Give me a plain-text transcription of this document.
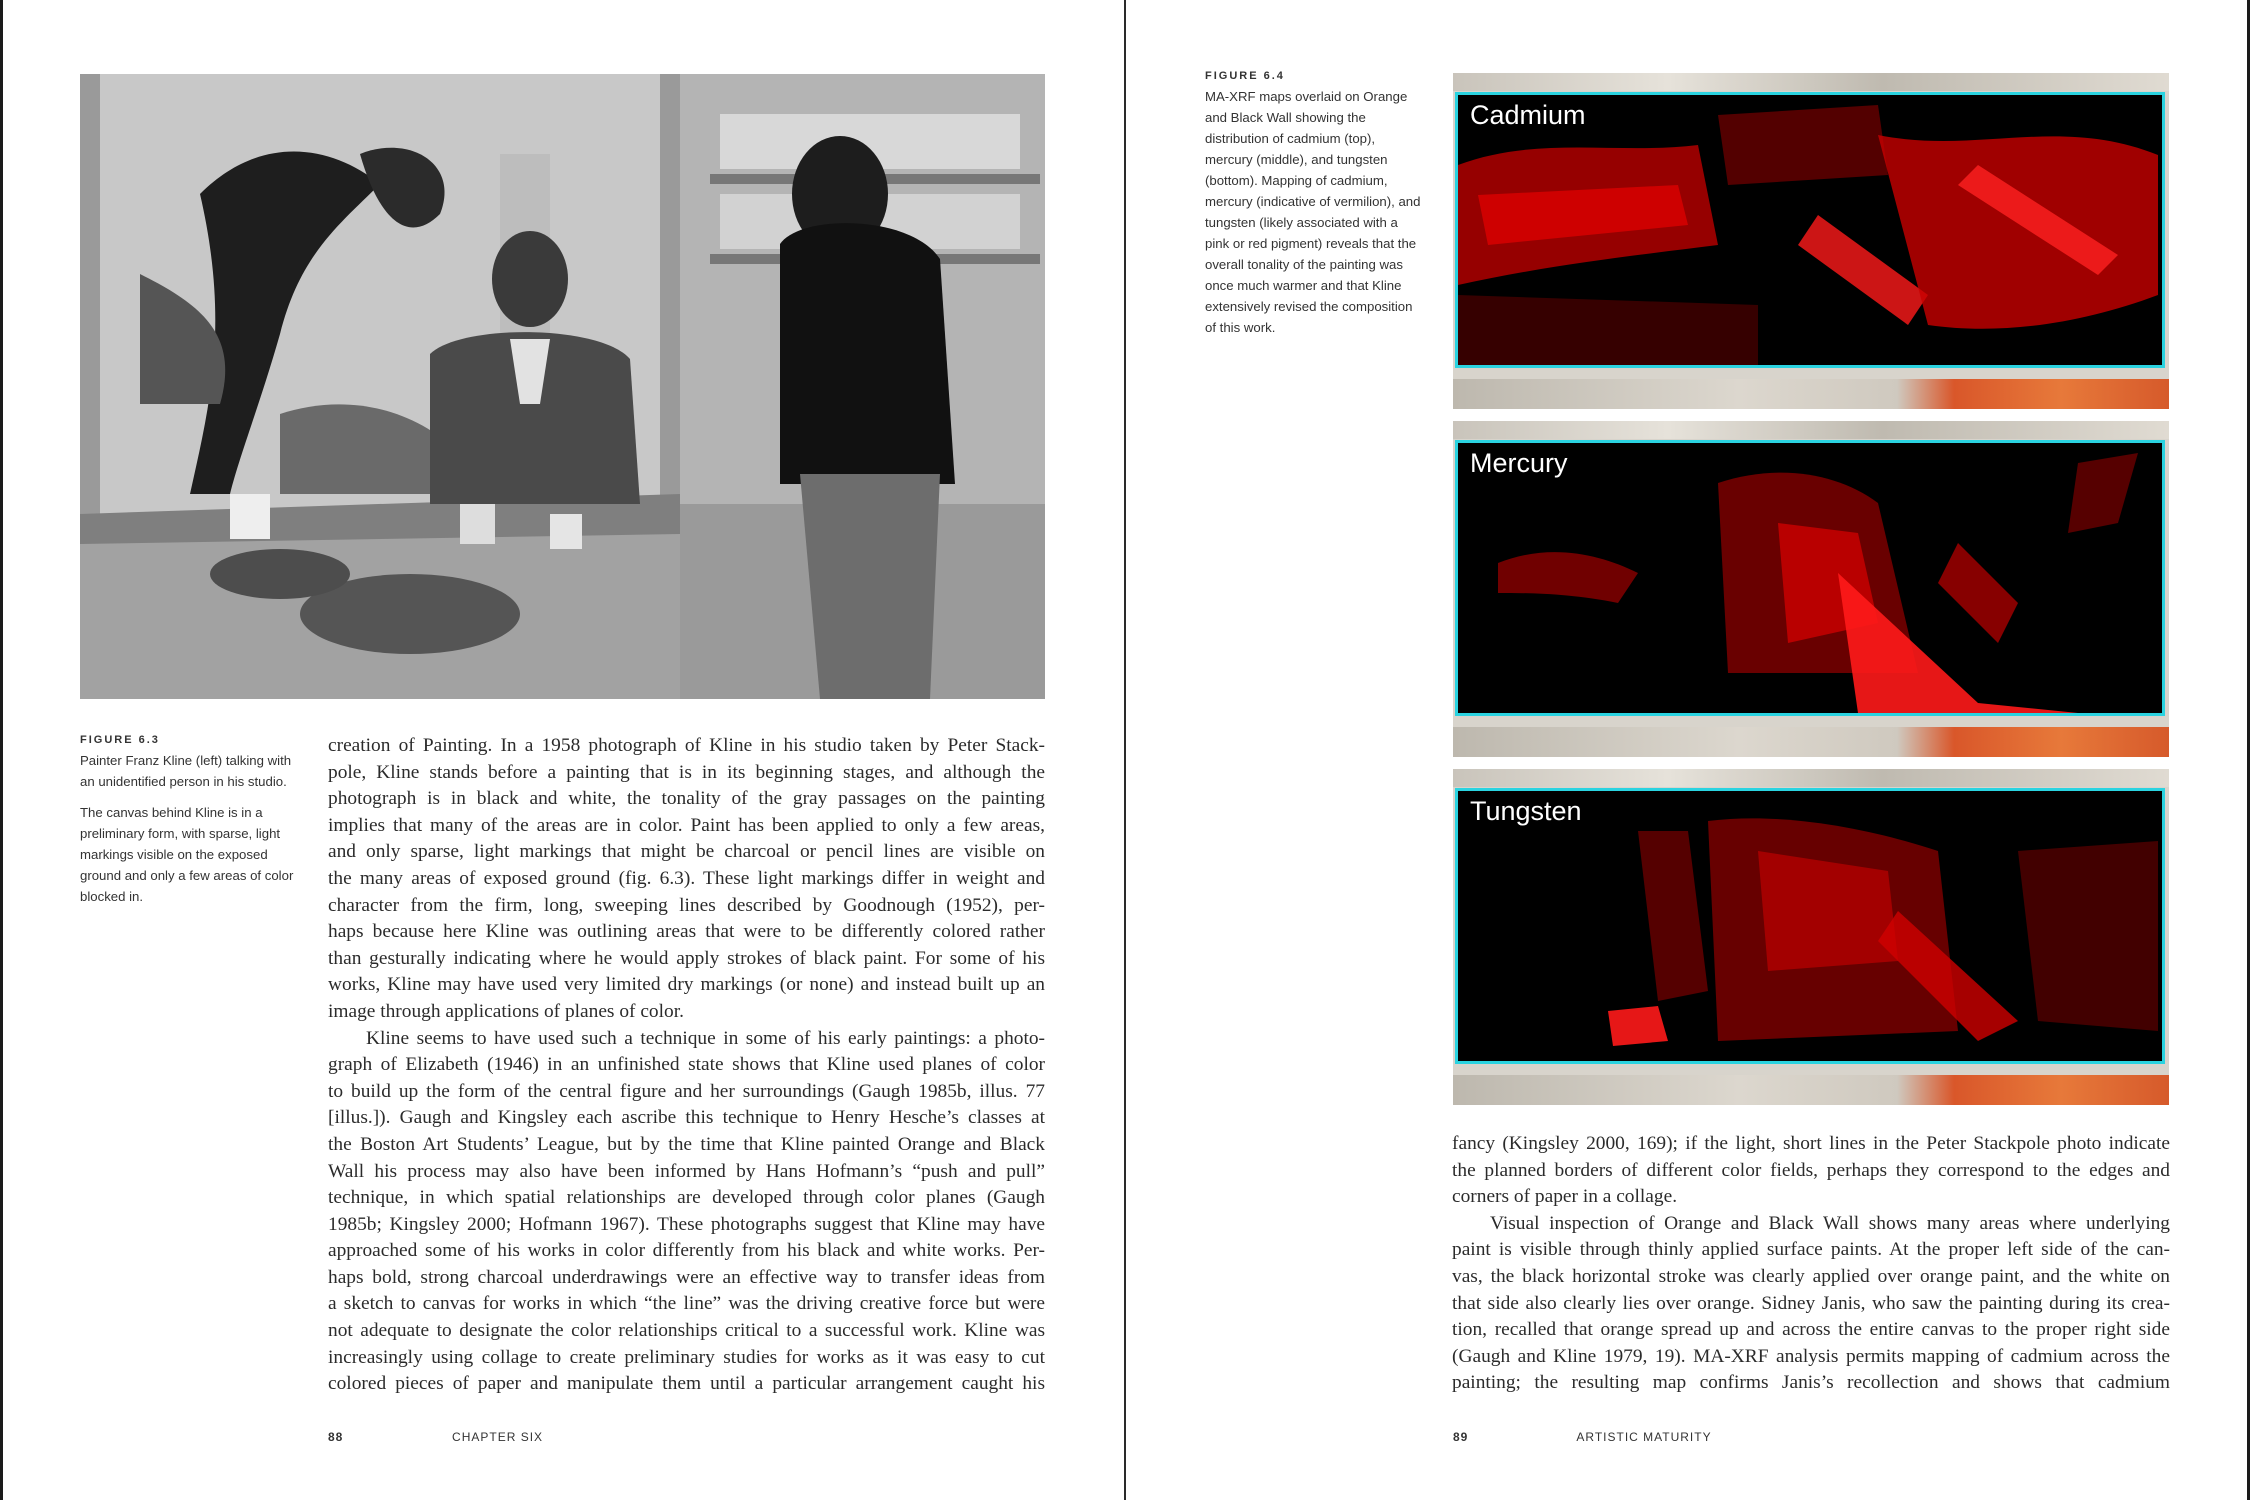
FIGURE 6.3
Painter Franz Kline (left) talking with an unidentified person in his studio.
The canvas behind Kline is in a preliminary form, with sparse, light markings visible on the exposed ground and only a few areas of color blocked in.

creation of Painting. In a 1958 photograph of Kline in his studio taken by Peter Stack-
pole, Kline stands before a painting that is in its beginning stages, and although the
photograph is in black and white, the tonality of the gray passages on the painting
implies that many of the areas are in color. Paint has been applied to only a few areas,
and only sparse, light markings that might be charcoal or pencil lines are visible on
the many areas of exposed ground (fig. 6.3). These light markings differ in weight and
character from the firm, long, sweeping lines described by Goodnough (1952), per-
haps because here Kline was outlining areas that were to be differently colored rather
than gesturally indicating where he would apply strokes of black paint. For some of his
works, Kline may have used very limited dry markings (or none) and instead built up an
image through applications of planes of color.

Kline seems to have used such a technique in some of his early paintings: a photo-
graph of Elizabeth (1946) in an unfinished state shows that Kline used planes of color
to build up the form of the central figure and her surroundings (Gaugh 1985b, illus. 77
[illus.]). Gaugh and Kingsley each ascribe this technique to Henry Hesche’s classes at
the Boston Art Students’ League, but by the time that Kline painted Orange and Black
Wall his process may also have been informed by Hans Hofmann’s “push and pull”
technique, in which spatial relationships are developed through color planes (Gaugh
1985b; Kingsley 2000; Hofmann 1967). These photographs suggest that Kline may have
approached some of his works in color differently from his black and white works. Per-
haps bold, strong charcoal underdrawings were an effective way to transfer ideas from
a sketch to canvas for works in which “the line” was the driving creative force but were
not adequate to designate the color relationships critical to a successful work. Kline was
increasingly using collage to create preliminary studies for works as it was easy to cut
colored pieces of paper and manipulate them until a particular arrangement caught his

88	CHAPTER SIX
FIGURE 6.4
MA-XRF maps overlaid on Orange and Black Wall showing the distribution of cadmium (top), mercury (middle), and tungsten (bottom). Mapping of cadmium, mercury (indicative of vermilion), and tungsten (likely associated with a pink or red pigment) reveals that the overall tonality of the painting was once much warmer and that Kline extensively revised the composition of this work.
Cadmium
Mercury
Tungsten

fancy (Kingsley 2000, 169); if the light, short lines in the Peter Stackpole photo indicate
the planned borders of different color fields, perhaps they correspond to the edges and
corners of paper in a collage.

Visual inspection of Orange and Black Wall shows many areas where underlying
paint is visible through thinly applied surface paints. At the proper left side of the can-
vas, the black horizontal stroke was clearly applied over orange paint, and the white on
that side also clearly lies over orange. Sidney Janis, who saw the painting during its crea-
tion, recalled that orange spread up and across the entire canvas to the proper right side
(Gaugh and Kline 1979, 19). MA-XRF analysis permits mapping of cadmium across the
painting; the resulting map confirms Janis’s recollection and shows that cadmium

89	ARTISTIC MATURITY
